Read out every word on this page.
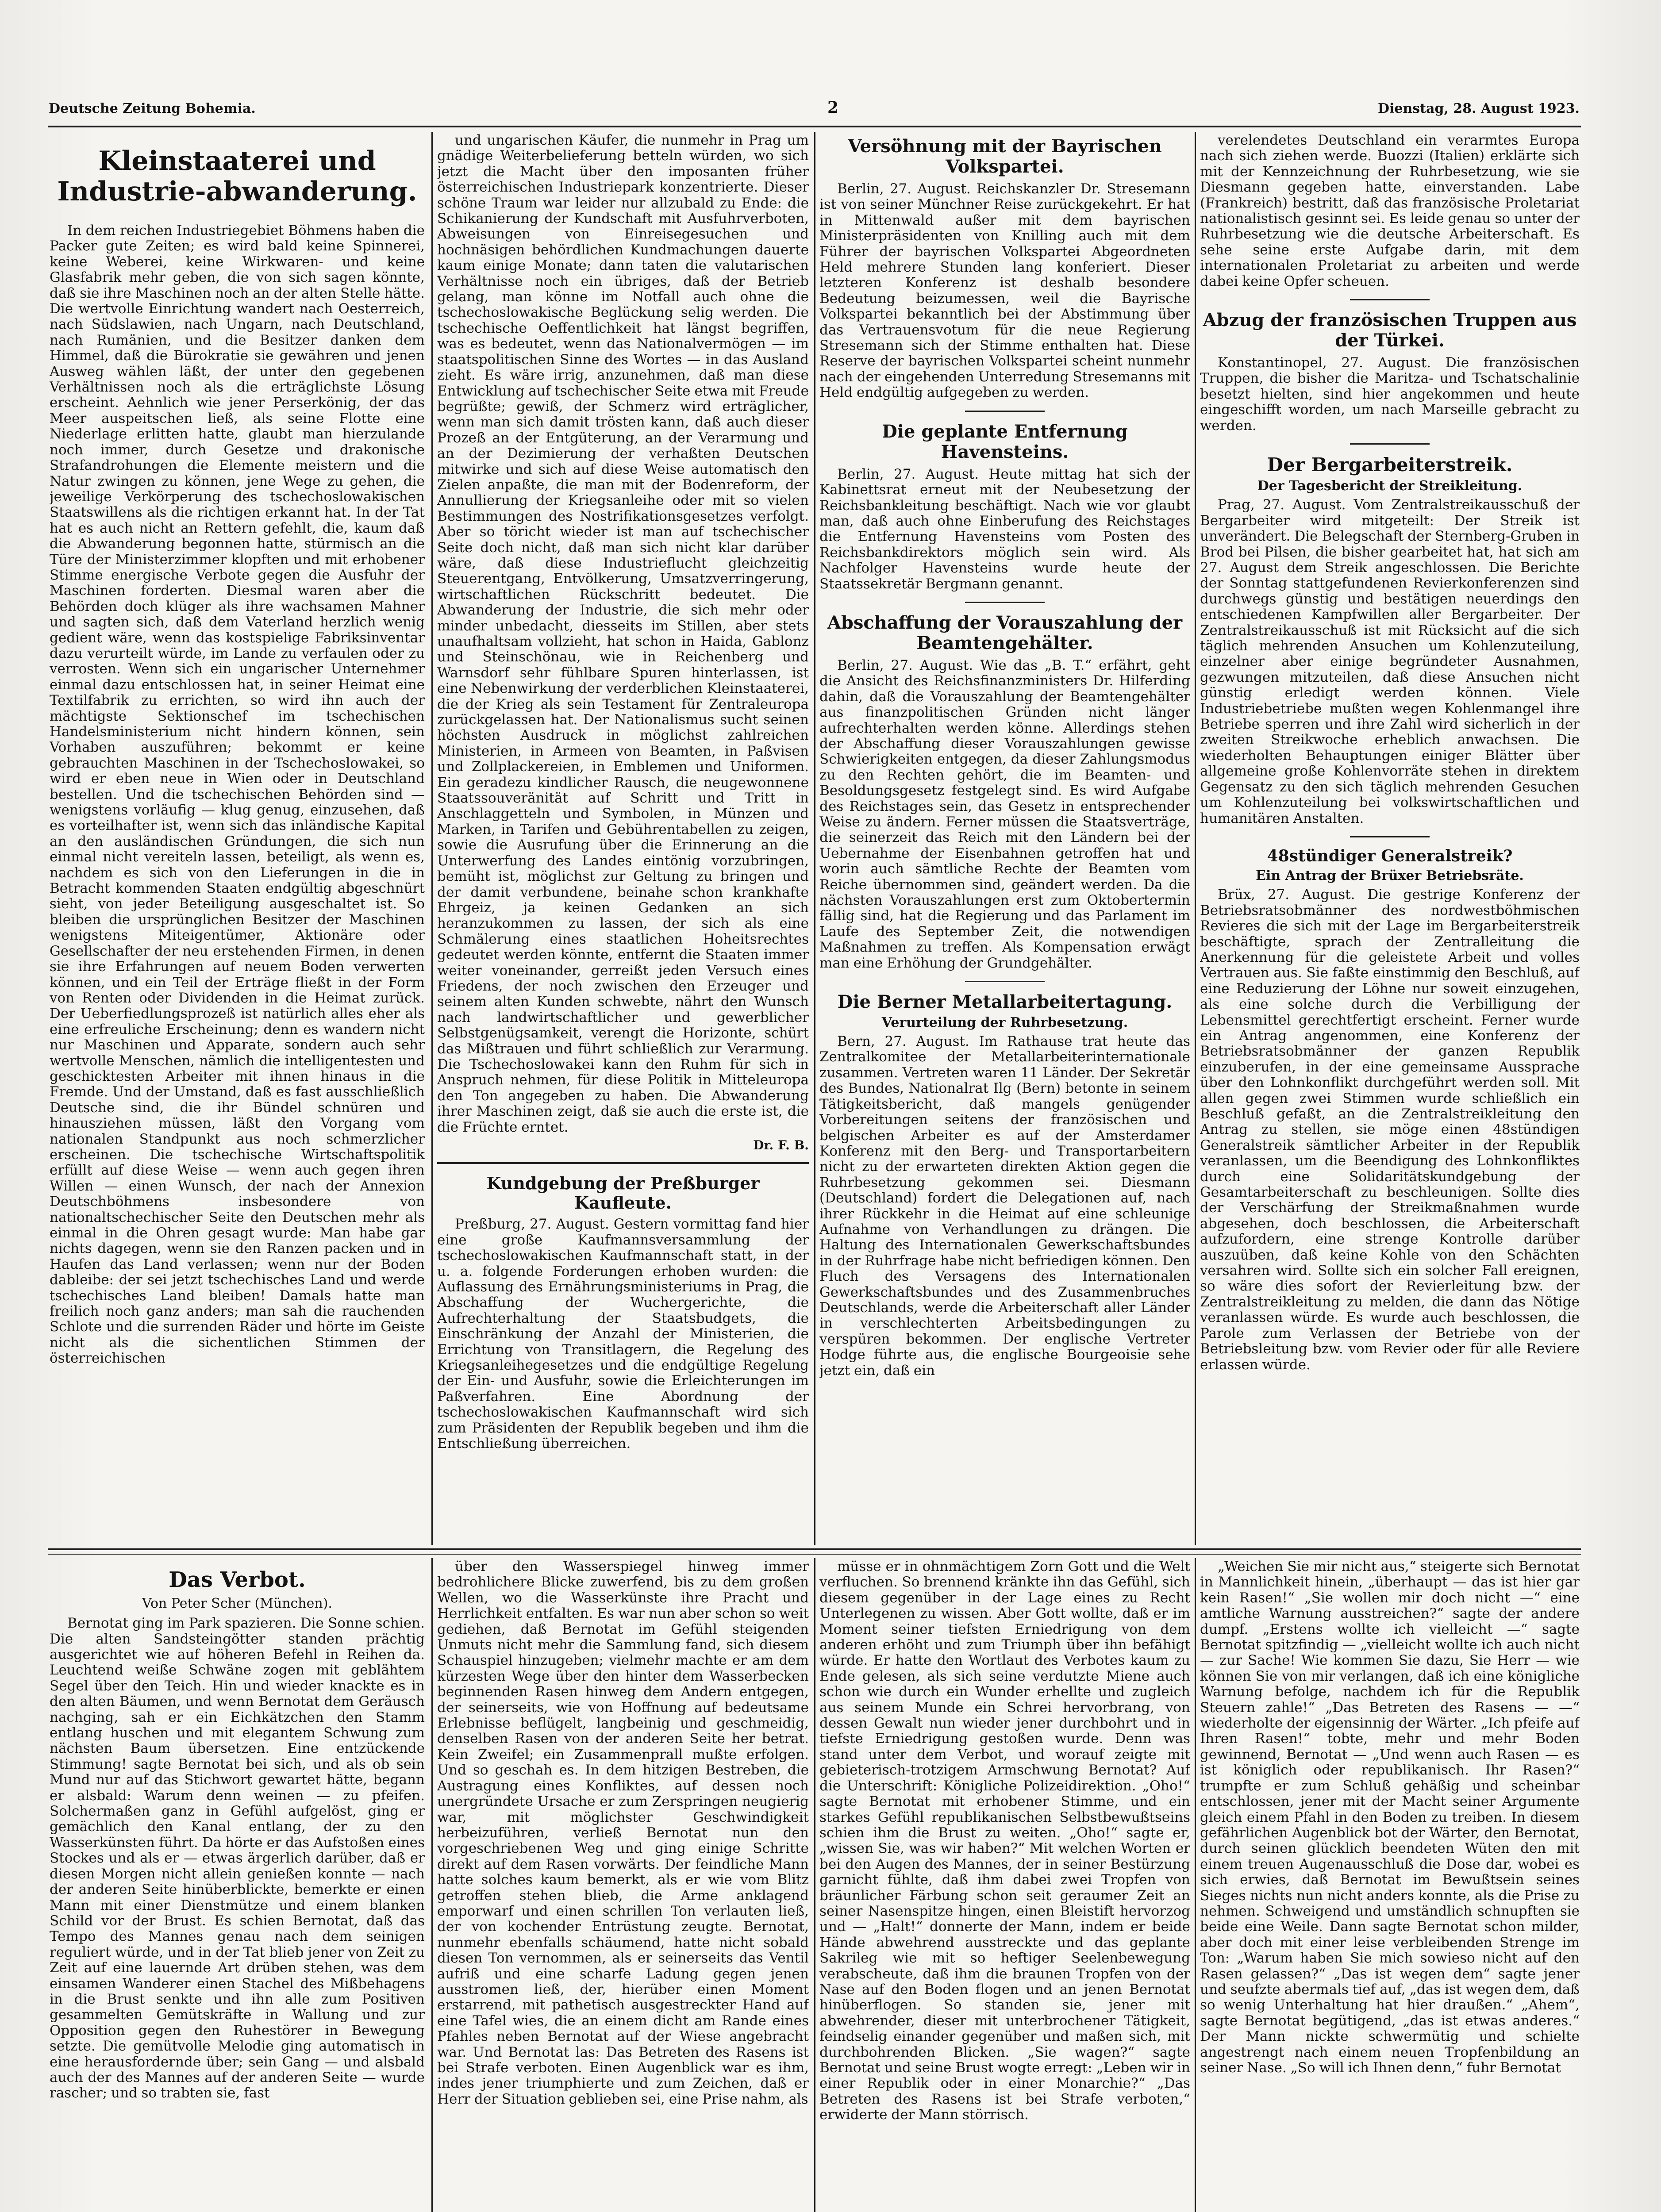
Deutsche Zeitung Bohemia.	2	Dienstag, 28. August 1923.
Kleinstaaterei und Industrie-abwanderung.

In dem reichen Industriegebiet Böhmens haben die Packer gute Zeiten; es wird bald keine Spinnerei, keine Weberei, keine Wirkwaren- und keine Glasfabrik mehr geben, die von sich sagen könnte, daß sie ihre Maschinen noch an der alten Stelle hätte. Die wertvolle Einrichtung wandert nach Oesterreich, nach Südslawien, nach Ungarn, nach Deutschland, nach Rumänien, und die Besitzer danken dem Himmel, daß die Bürokratie sie gewähren und jenen Ausweg wählen läßt, der unter den gegebenen Verhältnissen noch als die erträglichste Lösung erscheint. Aehnlich wie jener Perserkönig, der das Meer auspeitschen ließ, als seine Flotte eine Niederlage erlitten hatte, glaubt man hierzulande noch immer, durch Gesetze und drakonische Strafandrohungen die Elemente meistern und die Natur zwingen zu können, jene Wege zu gehen, die jeweilige Verkörperung des tschechoslowakischen Staatswillens als die richtigen erkannt hat. In der Tat hat es auch nicht an Rettern gefehlt, die, kaum daß die Abwanderung begonnen hatte, stürmisch an die Türe der Ministerzimmer klopften und mit erhobener Stimme energische Verbote gegen die Ausfuhr der Maschinen forderten. Diesmal waren aber die Behörden doch klüger als ihre wachsamen Mahner und sagten sich, daß dem Vaterland herzlich wenig gedient wäre, wenn das kostspielige Fabriksinventar dazu verurteilt würde, im Lande zu verfaulen oder zu verrosten. Wenn sich ein ungarischer Unternehmer einmal dazu entschlossen hat, in seiner Heimat eine Textilfabrik zu errichten, so wird ihn auch der mächtigste Sektionschef im tschechischen Handelsministerium nicht hindern können, sein Vorhaben auszuführen; bekommt er keine gebrauchten Maschinen in der Tschechoslowakei, so wird er eben neue in Wien oder in Deutschland bestellen. Und die tschechischen Behörden sind — wenigstens vorläufig — klug genug, einzusehen, daß es vorteilhafter ist, wenn sich das inländische Kapital an den ausländischen Gründungen, die sich nun einmal nicht vereiteln lassen, beteiligt, als wenn es, nachdem es sich von den Lieferungen in die in Betracht kommenden Staaten endgültig abgeschnürt sieht, von jeder Beteiligung ausgeschaltet ist. So bleiben die ursprünglichen Besitzer der Maschinen wenigstens Miteigentümer, Aktionäre oder Gesellschafter der neu erstehenden Firmen, in denen sie ihre Erfahrungen auf neuem Boden verwerten können, und ein Teil der Erträge fließt in der Form von Renten oder Dividenden in die Heimat zurück. Der Ueberfiedlungsprozeß ist natürlich alles eher als eine erfreuliche Erscheinung; denn es wandern nicht nur Maschinen und Apparate, sondern auch sehr wertvolle Menschen, nämlich die intelligentesten und geschicktesten Arbeiter mit ihnen hinaus in die Fremde. Und der Umstand, daß es fast ausschließlich Deutsche sind, die ihr Bündel schnüren und hinausziehen müssen, läßt den Vorgang vom nationalen Standpunkt aus noch schmerzlicher erscheinen. Die tschechische Wirtschaftspolitik erfüllt auf diese Weise — wenn auch gegen ihren Willen — einen Wunsch, der nach der Annexion Deutschböhmens insbesondere von nationaltschechischer Seite den Deutschen mehr als einmal in die Ohren gesagt wurde: Man habe gar nichts dagegen, wenn sie den Ranzen packen und in Haufen das Land verlassen; wenn nur der Boden dableibe: der sei jetzt tschechisches Land und werde tschechisches Land bleiben! Damals hatte man freilich noch ganz anders; man sah die rauchenden Schlote und die surrenden Räder und hörte im Geiste nicht als die sichentlichen Stimmen der österreichischen

und ungarischen Käufer, die nunmehr in Prag um gnädige Weiterbelieferung betteln würden, wo sich jetzt die Macht über den imposanten früher österreichischen Industriepark konzentrierte. Dieser schöne Traum war leider nur allzubald zu Ende: die Schikanierung der Kundschaft mit Ausfuhrverboten, Abweisungen von Einreisegesuchen und hochnäsigen behördlichen Kundmachungen dauerte kaum einige Monate; dann taten die valutarischen Verhältnisse noch ein übriges, daß der Betrieb gelang, man könne im Notfall auch ohne die tschechoslowakische Beglückung selig werden. Die tschechische Oeffentlichkeit hat längst begriffen, was es bedeutet, wenn das Nationalvermögen — im staatspolitischen Sinne des Wortes — in das Ausland zieht. Es wäre irrig, anzunehmen, daß man diese Entwicklung auf tschechischer Seite etwa mit Freude begrüßte; gewiß, der Schmerz wird erträglicher, wenn man sich damit trösten kann, daß auch dieser Prozeß an der Entgüterung, an der Verarmung und an der Dezimierung der verhaßten Deutschen mitwirke und sich auf diese Weise automatisch den Zielen anpaßte, die man mit der Bodenreform, der Annullierung der Kriegsanleihe oder mit so vielen Bestimmungen des Nostrifikationsgesetzes verfolgt. Aber so töricht wieder ist man auf tschechischer Seite doch nicht, daß man sich nicht klar darüber wäre, daß diese Industrieflucht gleichzeitig Steuerentgang, Entvölkerung, Umsatzverringerung, wirtschaftlichen Rückschritt bedeutet. Die Abwanderung der Industrie, die sich mehr oder minder unbedacht, diesseits im Stillen, aber stets unaufhaltsam vollzieht, hat schon in Haida, Gablonz und Steinschönau, wie in Reichenberg und Warnsdorf sehr fühlbare Spuren hinterlassen, ist eine Nebenwirkung der verderblichen Kleinstaaterei, die der Krieg als sein Testament für Zentraleuropa zurückgelassen hat. Der Nationalismus sucht seinen höchsten Ausdruck in möglichst zahlreichen Ministerien, in Armeen von Beamten, in Paßvisen und Zollplackereien, in Emblemen und Uniformen. Ein geradezu kindlicher Rausch, die neugewonnene Staatssouveränität auf Schritt und Tritt in Anschlaggetteln und Symbolen, in Münzen und Marken, in Tarifen und Gebührentabellen zu zeigen, sowie die Ausrufung über die Erinnerung an die Unterwerfung des Landes eintönig vorzubringen, bemüht ist, möglichst zur Geltung zu bringen und der damit verbundene, beinahe schon krankhafte Ehrgeiz, ja keinen Gedanken an sich heranzukommen zu lassen, der sich als eine Schmälerung eines staatlichen Hoheitsrechtes gedeutet werden könnte, entfernt die Staaten immer weiter voneinander, gerreißt jeden Versuch eines Friedens, der noch zwischen den Erzeuger und seinem alten Kunden schwebte, nährt den Wunsch nach landwirtschaftlicher und gewerblicher Selbstgenügsamkeit, verengt die Horizonte, schürt das Mißtrauen und führt schließlich zur Verarmung. Die Tschechoslowakei kann den Ruhm für sich in Anspruch nehmen, für diese Politik in Mitteleuropa den Ton angegeben zu haben. Die Abwanderung ihrer Maschinen zeigt, daß sie auch die erste ist, die die Früchte erntet.

Dr. F. B.
Kundgebung der Preßburger Kaufleute.

Preßburg, 27. August. Gestern vormittag fand hier eine große Kaufmannsversammlung der tschechoslowakischen Kaufmannschaft statt, in der u. a. folgende Forderungen erhoben wurden: die Auflassung des Ernährungsministeriums in Prag, die Abschaffung der Wuchergerichte, die Aufrechterhaltung der Staatsbudgets, die Einschränkung der Anzahl der Ministerien, die Errichtung von Transitlagern, die Regelung des Kriegsanleihegesetzes und die endgültige Regelung der Ein- und Ausfuhr, sowie die Erleichterungen im Paßverfahren. Eine Abordnung der tschechoslowakischen Kaufmannschaft wird sich zum Präsidenten der Republik begeben und ihm die Entschließung überreichen.

Versöhnung mit der Bayrischen Volkspartei.

Berlin, 27. August. Reichskanzler Dr. Stresemann ist von seiner Münchner Reise zurückgekehrt. Er hat in Mittenwald außer mit dem bayrischen Ministerpräsidenten von Knilling auch mit dem Führer der bayrischen Volkspartei Abgeordneten Held mehrere Stunden lang konferiert. Dieser letzteren Konferenz ist deshalb besondere Bedeutung beizumessen, weil die Bayrische Volkspartei bekanntlich bei der Abstimmung über das Vertrauensvotum für die neue Regierung Stresemann sich der Stimme enthalten hat. Diese Reserve der bayrischen Volkspartei scheint nunmehr nach der eingehenden Unterredung Stresemanns mit Held endgültig aufgegeben zu werden.

Die geplante Entfernung Havensteins.

Berlin, 27. August. Heute mittag hat sich der Kabinettsrat erneut mit der Neubesetzung der Reichsbankleitung beschäftigt. Nach wie vor glaubt man, daß auch ohne Einberufung des Reichstages die Entfernung Havensteins vom Posten des Reichsbankdirektors möglich sein wird. Als Nachfolger Havensteins wurde heute der Staatssekretär Bergmann genannt.

Abschaffung der Vorauszahlung der Beamtengehälter.

Berlin, 27. August. Wie das „B. T.“ erfährt, geht die Ansicht des Reichsfinanzministers Dr. Hilferding dahin, daß die Vorauszahlung der Beamtengehälter aus finanzpolitischen Gründen nicht länger aufrechterhalten werden könne. Allerdings stehen der Abschaffung dieser Vorauszahlungen gewisse Schwierigkeiten entgegen, da dieser Zahlungsmodus zu den Rechten gehört, die im Beamten- und Besoldungsgesetz festgelegt sind. Es wird Aufgabe des Reichstages sein, das Gesetz in entsprechender Weise zu ändern. Ferner müssen die Staatsverträge, die seinerzeit das Reich mit den Ländern bei der Uebernahme der Eisenbahnen getroffen hat und worin auch sämtliche Rechte der Beamten vom Reiche übernommen sind, geändert werden. Da die nächsten Vorauszahlungen erst zum Oktobertermin fällig sind, hat die Regierung und das Parlament im Laufe des September Zeit, die notwendigen Maßnahmen zu treffen. Als Kompensation erwägt man eine Erhöhung der Grundgehälter.

Die Berner Metallarbeitertagung.
Verurteilung der Ruhrbesetzung.

Bern, 27. August. Im Rathause trat heute das Zentralkomitee der Metallarbeiterinternationale zusammen. Vertreten waren 11 Länder. Der Sekretär des Bundes, Nationalrat Ilg (Bern) betonte in seinem Tätigkeitsbericht, daß mangels genügender Vorbereitungen seitens der französischen und belgischen Arbeiter es auf der Amsterdamer Konferenz mit den Berg- und Transportarbeitern nicht zu der erwarteten direkten Aktion gegen die Ruhrbesetzung gekommen sei. Diesmann (Deutschland) fordert die Delegationen auf, nach ihrer Rückkehr in die Heimat auf eine schleunige Aufnahme von Verhandlungen zu drängen. Die Haltung des Internationalen Gewerkschaftsbundes in der Ruhrfrage habe nicht befriedigen können. Den Fluch des Versagens des Internationalen Gewerkschaftsbundes und des Zusammenbruches Deutschlands, werde die Arbeiterschaft aller Länder in verschlechterten Arbeitsbedingungen zu verspüren bekommen. Der englische Vertreter Hodge führte aus, die englische Bourgeoisie sehe jetzt ein, daß ein

verelendetes Deutschland ein verarmtes Europa nach sich ziehen werde. Buozzi (Italien) erklärte sich mit der Kennzeichnung der Ruhrbesetzung, wie sie Diesmann gegeben hatte, einverstanden. Labe (Frankreich) bestritt, daß das französische Proletariat nationalistisch gesinnt sei. Es leide genau so unter der Ruhrbesetzung wie die deutsche Arbeiterschaft. Es sehe seine erste Aufgabe darin, mit dem internationalen Proletariat zu arbeiten und werde dabei keine Opfer scheuen.

Abzug der französischen Truppen aus der Türkei.

Konstantinopel, 27. August. Die französischen Truppen, die bisher die Maritza- und Tschatschalinie besetzt hielten, sind hier angekommen und heute eingeschifft worden, um nach Marseille gebracht zu werden.

Der Bergarbeiterstreik.
Der Tagesbericht der Streikleitung.

Prag, 27. August. Vom Zentralstreikausschuß der Bergarbeiter wird mitgeteilt: Der Streik ist unverändert. Die Belegschaft der Sternberg-Gruben in Brod bei Pilsen, die bisher gearbeitet hat, hat sich am 27. August dem Streik angeschlossen. Die Berichte der Sonntag stattgefundenen Revierkonferenzen sind durchwegs günstig und bestätigen neuerdings den entschiedenen Kampfwillen aller Bergarbeiter. Der Zentralstreikausschuß ist mit Rücksicht auf die sich täglich mehrenden Ansuchen um Kohlenzuteilung, einzelner aber einige begründeter Ausnahmen, gezwungen mitzuteilen, daß diese Ansuchen nicht günstig erledigt werden können. Viele Industriebetriebe mußten wegen Kohlenmangel ihre Betriebe sperren und ihre Zahl wird sicherlich in der zweiten Streikwoche erheblich anwachsen. Die wiederholten Behauptungen einiger Blätter über allgemeine große Kohlenvorräte stehen in direktem Gegensatz zu den sich täglich mehrenden Gesuchen um Kohlenzuteilung bei volkswirtschaftlichen und humanitären Anstalten.

48stündiger Generalstreik?
Ein Antrag der Brüxer Betriebsräte.

Brüx, 27. August. Die gestrige Konferenz der Betriebsratsobmänner des nordwestböhmischen Revieres die sich mit der Lage im Bergarbeiterstreik beschäftigte, sprach der Zentralleitung die Anerkennung für die geleistete Arbeit und volles Vertrauen aus. Sie faßte einstimmig den Beschluß, auf eine Reduzierung der Löhne nur soweit einzugehen, als eine solche durch die Verbilligung der Lebensmittel gerechtfertigt erscheint. Ferner wurde ein Antrag angenommen, eine Konferenz der Betriebsratsobmänner der ganzen Republik einzuberufen, in der eine gemeinsame Aussprache über den Lohnkonflikt durchgeführt werden soll. Mit allen gegen zwei Stimmen wurde schließlich ein Beschluß gefaßt, an die Zentralstreikleitung den Antrag zu stellen, sie möge einen 48stündigen Generalstreik sämtlicher Arbeiter in der Republik veranlassen, um die Beendigung des Lohnkonfliktes durch eine Solidaritätskundgebung der Gesamtarbeiterschaft zu beschleunigen. Sollte dies der Verschärfung der Streikmaßnahmen wurde abgesehen, doch beschlossen, die Arbeiterschaft aufzufordern, eine strenge Kontrolle darüber auszuüben, daß keine Kohle von den Schächten versahren wird. Sollte sich ein solcher Fall ereignen, so wäre dies sofort der Revierleitung bzw. der Zentralstreikleitung zu melden, die dann das Nötige veranlassen würde. Es wurde auch beschlossen, die Parole zum Verlassen der Betriebe von der Betriebsleitung bzw. vom Revier oder für alle Reviere erlassen würde.

Das Verbot.
Von Peter Scher (München).

Bernotat ging im Park spazieren. Die Sonne schien. Die alten Sandsteingötter standen prächtig ausgerichtet wie auf höheren Befehl in Reihen da. Leuchtend weiße Schwäne zogen mit geblähtem Segel über den Teich. Hin und wieder knackte es in den alten Bäumen, und wenn Bernotat dem Geräusch nachging, sah er ein Eichkätzchen den Stamm entlang huschen und mit elegantem Schwung zum nächsten Baum übersetzen. Eine entzückende Stimmung! sagte Bernotat bei sich, und als ob sein Mund nur auf das Stichwort gewartet hätte, begann er alsbald: Warum denn weinen — zu pfeifen. Solchermaßen ganz in Gefühl aufgelöst, ging er gemächlich den Kanal entlang, der zu den Wasserkünsten führt. Da hörte er das Aufstoßen eines Stockes und als er — etwas ärgerlich darüber, daß er diesen Morgen nicht allein genießen konnte — nach der anderen Seite hinüberblickte, bemerkte er einen Mann mit einer Dienstmütze und einem blanken Schild vor der Brust. Es schien Bernotat, daß das Tempo des Mannes genau nach dem seinigen reguliert würde, und in der Tat blieb jener von Zeit zu Zeit auf eine lauernde Art drüben stehen, was dem einsamen Wanderer einen Stachel des Mißbehagens in die Brust senkte und ihn alle zum Positiven gesammelten Gemütskräfte in Wallung und zur Opposition gegen den Ruhestörer in Bewegung setzte. Die gemütvolle Melodie ging automatisch in eine herausfordernde über; sein Gang — und alsbald auch der des Mannes auf der anderen Seite — wurde rascher; und so trabten sie, fast

über den Wasserspiegel hinweg immer bedrohlichere Blicke zuwerfend, bis zu dem großen Wellen, wo die Wasserkünste ihre Pracht und Herrlichkeit entfalten. Es war nun aber schon so weit gediehen, daß Bernotat im Gefühl steigenden Unmuts nicht mehr die Sammlung fand, sich diesem Schauspiel hinzugeben; vielmehr machte er am dem kürzesten Wege über den hinter dem Wasserbecken beginnenden Rasen hinweg dem Andern entgegen, der seinerseits, wie von Hoffnung auf bedeutsame Erlebnisse beflügelt, langbeinig und geschmeidig, denselben Rasen von der anderen Seite her betrat. Kein Zweifel; ein Zusammenprall mußte erfolgen. Und so geschah es. In dem hitzigen Bestreben, die Austragung eines Konfliktes, auf dessen noch unergründete Ursache er zum Zerspringen neugierig war, mit möglichster Geschwindigkeit herbeizuführen, verließ Bernotat nun den vorgeschriebenen Weg und ging einige Schritte direkt auf dem Rasen vorwärts. Der feindliche Mann hatte solches kaum bemerkt, als er wie vom Blitz getroffen stehen blieb, die Arme anklagend emporwarf und einen schrillen Ton verlauten ließ, der von kochender Entrüstung zeugte. Bernotat, nunmehr ebenfalls schäumend, hatte nicht sobald diesen Ton vernommen, als er seinerseits das Ventil aufriß und eine scharfe Ladung gegen jenen ausstromen ließ, der, hierüber einen Moment erstarrend, mit pathetisch ausgestreckter Hand auf eine Tafel wies, die an einem dicht am Rande eines Pfahles neben Bernotat auf der Wiese angebracht war. Und Bernotat las: Das Betreten des Rasens ist bei Strafe verboten. Einen Augenblick war es ihm, indes jener triumphierte und zum Zeichen, daß er Herr der Situation geblieben sei, eine Prise nahm, als

müsse er in ohnmächtigem Zorn Gott und die Welt verfluchen. So brennend kränkte ihn das Gefühl, sich diesem gegenüber in der Lage eines zu Recht Unterlegenen zu wissen. Aber Gott wollte, daß er im Moment seiner tiefsten Erniedrigung von dem anderen erhöht und zum Triumph über ihn befähigt würde. Er hatte den Wortlaut des Verbotes kaum zu Ende gelesen, als sich seine verdutzte Miene auch schon wie durch ein Wunder erhellte und zugleich aus seinem Munde ein Schrei hervorbrang, von dessen Gewalt nun wieder jener durchbohrt und in tiefste Erniedrigung gestoßen wurde. Denn was stand unter dem Verbot, und worauf zeigte mit gebieterisch-trotzigem Armschwung Bernotat? Auf die Unterschrift: Königliche Polizeidirektion. „Oho!“ sagte Bernotat mit erhobener Stimme, und ein starkes Gefühl republikanischen Selbstbewußtseins schien ihm die Brust zu weiten. „Oho!“ sagte er, „wissen Sie, was wir haben?“ Mit welchen Worten er bei den Augen des Mannes, der in seiner Bestürzung garnicht fühlte, daß ihm dabei zwei Tropfen von bräunlicher Färbung schon seit geraumer Zeit an seiner Nasenspitze hingen, einen Bleistift hervorzog und — „Halt!“ donnerte der Mann, indem er beide Hände abwehrend ausstreckte und das geplante Sakrileg wie mit so heftiger Seelenbewegung verabscheute, daß ihm die braunen Tropfen von der Nase auf den Boden flogen und an jenen Bernotat hinüberflogen. So standen sie, jener mit abwehrender, dieser mit unterbrochener Tätigkeit, feindselig einander gegenüber und maßen sich, mit durchbohrenden Blicken. „Sie wagen?“ sagte Bernotat und seine Brust wogte erregt: „Leben wir in einer Republik oder in einer Monarchie?“ „Das Betreten des Rasens ist bei Strafe verboten,“ erwiderte der Mann störrisch.

„Weichen Sie mir nicht aus,“ steigerte sich Bernotat in Mannlichkeit hinein, „überhaupt — das ist hier gar kein Rasen!“ „Sie wollen mir doch nicht —“ eine amtliche Warnung ausstreichen?“ sagte der andere dumpf. „Erstens wollte ich vielleicht —“ sagte Bernotat spitzfindig — „vielleicht wollte ich auch nicht — zur Sache! Wie kommen Sie dazu, Sie Herr — wie können Sie von mir verlangen, daß ich eine königliche Warnung befolge, nachdem ich für die Republik Steuern zahle!“ „Das Betreten des Rasens — —“ wiederholte der eigensinnig der Wärter. „Ich pfeife auf Ihren Rasen!“ tobte, mehr und mehr Boden gewinnend, Bernotat — „Und wenn auch Rasen — es ist königlich oder republikanisch. Ihr Rasen?“ trumpfte er zum Schluß gehäßig und scheinbar entschlossen, jener mit der Macht seiner Argumente gleich einem Pfahl in den Boden zu treiben. In diesem gefährlichen Augenblick bot der Wärter, den Bernotat, durch seinen glücklich beendeten Wüten den mit einem treuen Augenausschluß die Dose dar, wobei es sich erwies, daß Bernotat im Bewußtsein seines Sieges nichts nun nicht anders konnte, als die Prise zu nehmen. Schweigend und umständlich schnupften sie beide eine Weile. Dann sagte Bernotat schon milder, aber doch mit einer leise verbleibenden Strenge im Ton: „Warum haben Sie mich sowieso nicht auf den Rasen gelassen?“ „Das ist wegen dem“ sagte jener und seufzte abermals tief auf, „das ist wegen dem, daß so wenig Unterhaltung hat hier draußen.“ „Ahem“, sagte Bernotat begütigend, „das ist etwas anderes.“ Der Mann nickte schwermütig und schielte angestrengt nach einem neuen Tropfenbildung an seiner Nase. „So will ich Ihnen denn,“ fuhr Bernotat
